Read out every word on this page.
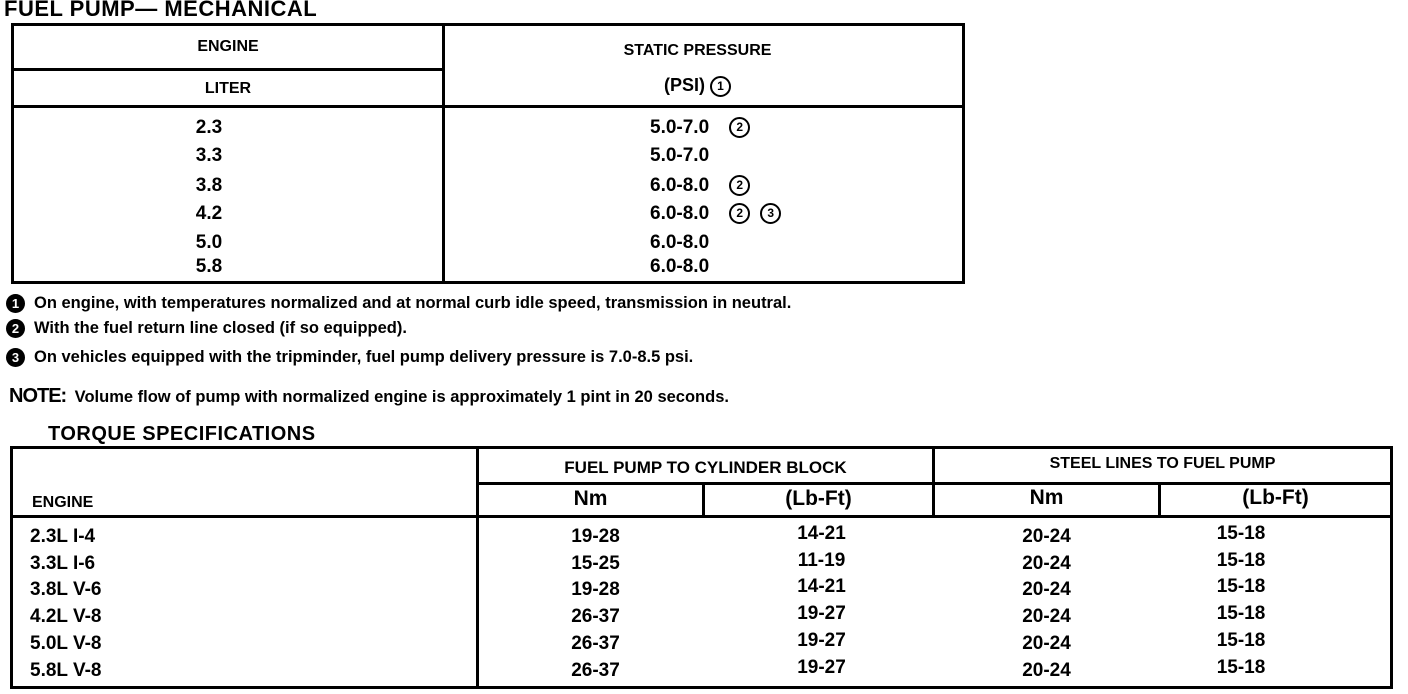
FUEL PUMP— MECHANICAL
ENGINE
LITER
STATIC PRESSURE
(PSI) 1
2.3	5.0-7.0 2
3.3	5.0-7.0
3.8	6.0-8.0 2
4.2	6.0-8.0 2 3
5.0	6.0-8.0
5.8	6.0-8.0
1 On engine, with temperatures normalized and at normal curb idle speed, transmission in neutral.
2 With the fuel return line closed (if so equipped).
3 On vehicles equipped with the tripminder, fuel pump delivery pressure is 7.0-8.5 psi.
NOTE: Volume flow of pump with normalized engine is approximately 1 pint in 20 seconds.
TORQUE SPECIFICATIONS
ENGINE
FUEL PUMP TO CYLINDER BLOCK	STEEL LINES TO FUEL PUMP
Nm	(Lb-Ft)	Nm	(Lb-Ft)
2.3L I-4	19-28	14-21	20-24	15-18
3.3L I-6	15-25	11-19	20-24	15-18
3.8L V-6	19-28	14-21	20-24	15-18
4.2L V-8	26-37	19-27	20-24	15-18
5.0L V-8	26-37	19-27	20-24	15-18
5.8L V-8	26-37	19-27	20-24	15-18
